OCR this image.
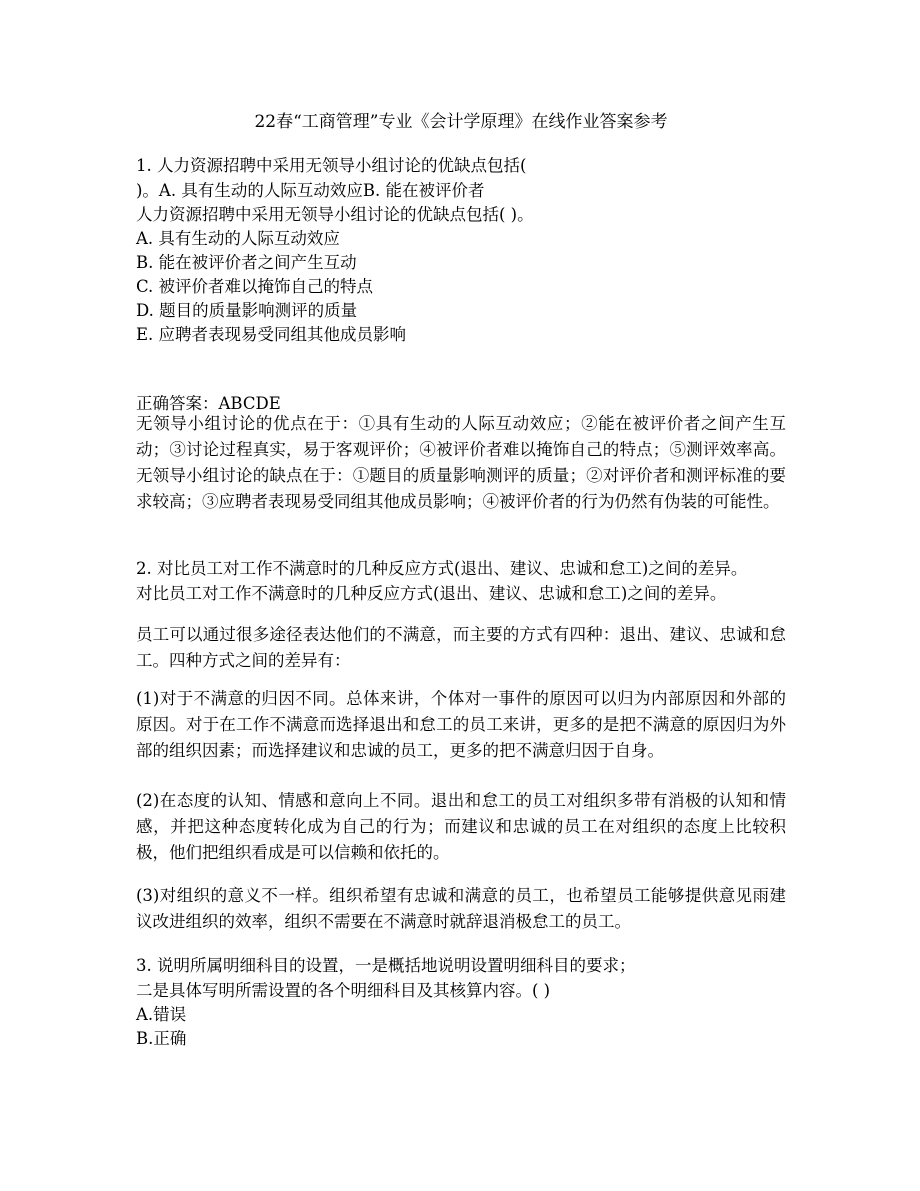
22春“工商管理”专业《会计学原理》在线作业答案参考
1. 人力资源招聘中采用无领导小组讨论的优缺点包括(
)。A. 具有生动的人际互动效应B. 能在被评价者
人力资源招聘中采用无领导小组讨论的优缺点包括( )。
A. 具有生动的人际互动效应
B. 能在被评价者之间产生互动
C. 被评价者难以掩饰自己的特点
D. 题目的质量影响测评的质量
E. 应聘者表现易受同组其他成员影响
正确答案：ABCDE
无领导小组讨论的优点在于：①具有生动的人际互动效应；②能在被评价者之间产生互动；③讨论过程真实，易于客观评价；④被评价者难以掩饰自己的特点；⑤测评效率高。无领导小组讨论的缺点在于：①题目的质量影响测评的质量；②对评价者和测评标准的要求较高；③应聘者表现易受同组其他成员影响；④被评价者的行为仍然有伪装的可能性。
2. 对比员工对工作不满意时的几种反应方式(退出、建议、忠诚和怠工)之间的差异。
对比员工对工作不满意时的几种反应方式(退出、建议、忠诚和怠工)之间的差异。
员工可以通过很多途径表达他们的不满意，而主要的方式有四种：退出、建议、忠诚和怠工。四种方式之间的差异有：
(1)对于不满意的归因不同。总体来讲，个体对一事件的原因可以归为内部原因和外部的原因。对于在工作不满意而选择退出和怠工的员工来讲，更多的是把不满意的原因归为外部的组织因素；而选择建议和忠诚的员工，更多的把不满意归因于自身。
(2)在态度的认知、情感和意向上不同。退出和怠工的员工对组织多带有消极的认知和情感，并把这种态度转化成为自己的行为；而建议和忠诚的员工在对组织的态度上比较积极，他们把组织看成是可以信赖和依托的。
(3)对组织的意义不一样。组织希望有忠诚和满意的员工，也希望员工能够提供意见雨建议改进组织的效率，组织不需要在不满意时就辞退消极怠工的员工。
3. 说明所属明细科目的设置，一是概括地说明设置明细科目的要求；
二是具体写明所需设置的各个明细科目及其核算内容。( )
A.错误
B.正确
